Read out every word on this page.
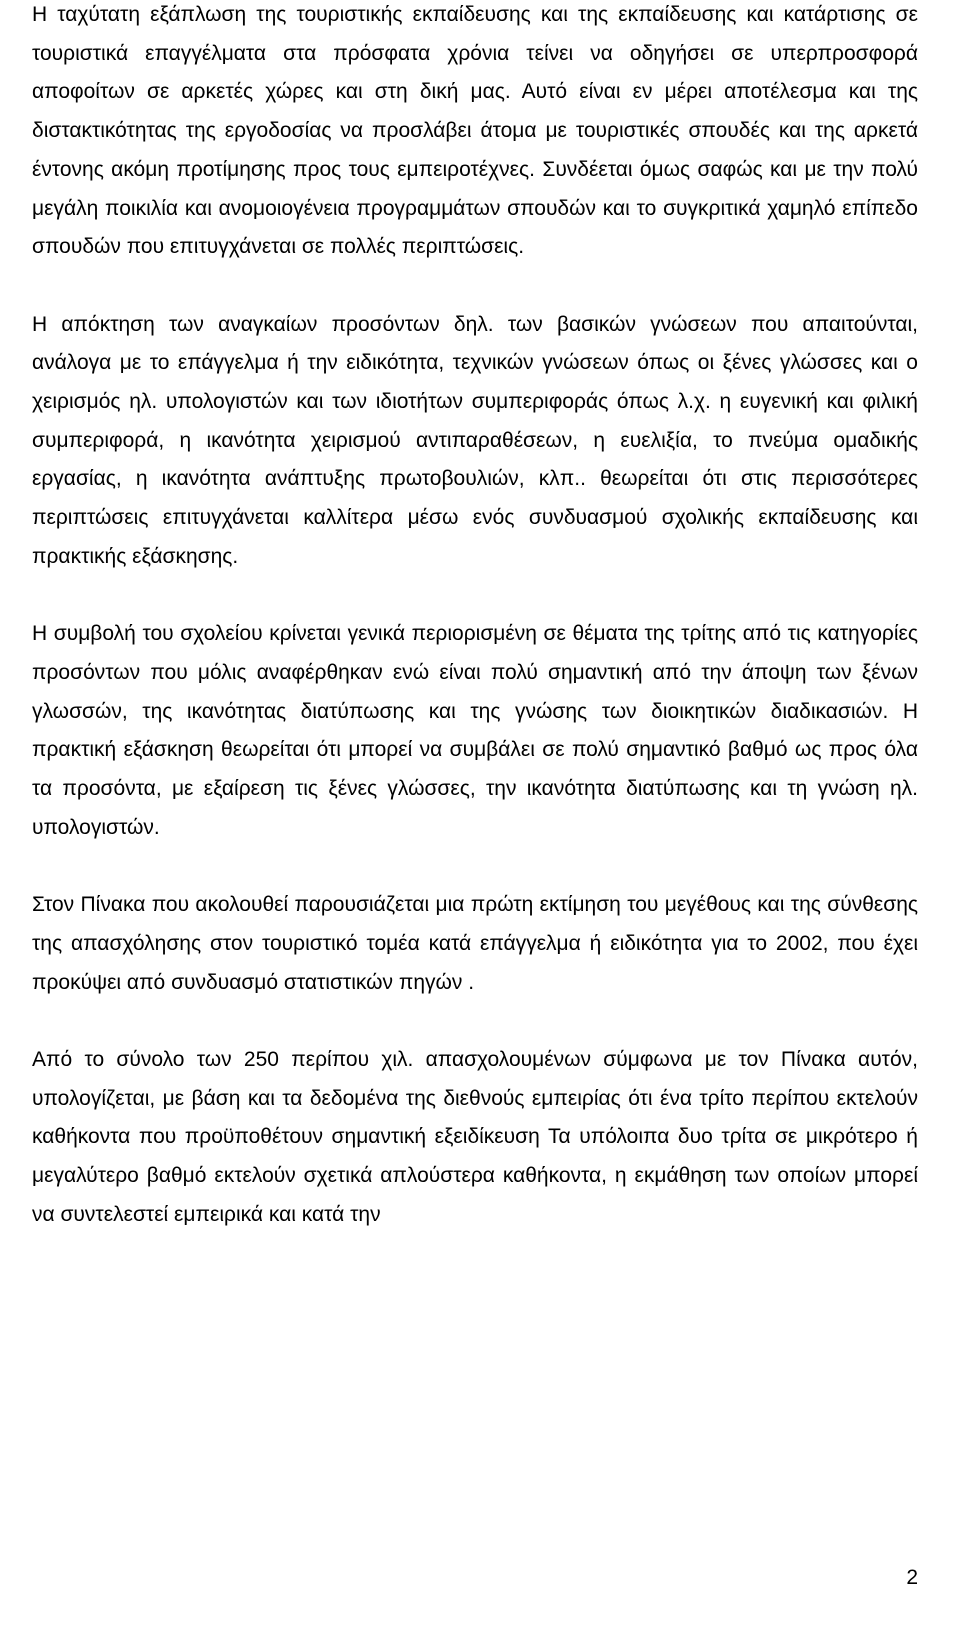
Η ταχύτατη εξάπλωση της τουριστικής εκπαίδευσης και της εκπαίδευσης και κατάρτισης σε τουριστικά επαγγέλματα στα πρόσφατα χρόνια τείνει να οδηγήσει σε υπερπροσφορά αποφοίτων σε αρκετές χώρες και στη δική μας. Αυτό είναι εν μέρει αποτέλεσμα και της διστακτικότητας της εργοδοσίας να προσλάβει άτομα με τουριστικές σπουδές και της αρκετά έντονης ακόμη προτίμησης προς τους εμπειροτέχνες. Συνδέεται όμως σαφώς και με την πολύ μεγάλη ποικιλία και ανομοιογένεια προγραμμάτων σπουδών και το συγκριτικά χαμηλό επίπεδο σπουδών που επιτυγχάνεται σε πολλές περιπτώσεις.

Η απόκτηση των αναγκαίων προσόντων δηλ. των βασικών γνώσεων που απαιτούνται, ανάλογα με το επάγγελμα ή την ειδικότητα, τεχνικών γνώσεων όπως οι ξένες γλώσσες και ο χειρισμός ηλ. υπολογιστών και των ιδιοτήτων συμπεριφοράς όπως λ.χ. η ευγενική και φιλική συμπεριφορά, η ικανότητα χειρισμού αντιπαραθέσεων, η ευελιξία, το πνεύμα ομαδικής εργασίας, η ικανότητα ανάπτυξης πρωτοβουλιών, κλπ.. θεωρείται ότι στις περισσότερες περιπτώσεις επιτυγχάνεται καλλίτερα μέσω ενός συνδυασμού σχολικής εκπαίδευσης και πρακτικής εξάσκησης.

Η συμβολή του σχολείου κρίνεται γενικά περιορισμένη σε θέματα της τρίτης από τις κατηγορίες προσόντων που μόλις αναφέρθηκαν ενώ είναι πολύ σημαντική από την άποψη των ξένων γλωσσών, της ικανότητας διατύπωσης και της γνώσης των διοικητικών διαδικασιών. Η πρακτική εξάσκηση θεωρείται ότι μπορεί να συμβάλει σε πολύ σημαντικό βαθμό ως προς όλα τα προσόντα, με εξαίρεση τις ξένες γλώσσες, την ικανότητα διατύπωσης και τη γνώση ηλ. υπολογιστών.

Στον Πίνακα που ακολουθεί παρουσιάζεται μια πρώτη εκτίμηση του μεγέθους και της σύνθεσης της απασχόλησης στον τουριστικό τομέα κατά επάγγελμα ή ειδικότητα για το 2002, που έχει προκύψει από συνδυασμό στατιστικών πηγών .

Από το σύνολο των 250 περίπου χιλ. απασχολουμένων σύμφωνα με τον Πίνακα αυτόν, υπολογίζεται, με βάση και τα δεδομένα της διεθνούς εμπειρίας ότι ένα τρίτο περίπου εκτελούν καθήκοντα που προϋποθέτουν σημαντική εξειδίκευση Τα υπόλοιπα δυο τρίτα σε μικρότερο ή μεγαλύτερο βαθμό εκτελούν σχετικά απλούστερα καθήκοντα, η εκμάθηση των οποίων μπορεί να συντελεστεί εμπειρικά και κατά την

2
